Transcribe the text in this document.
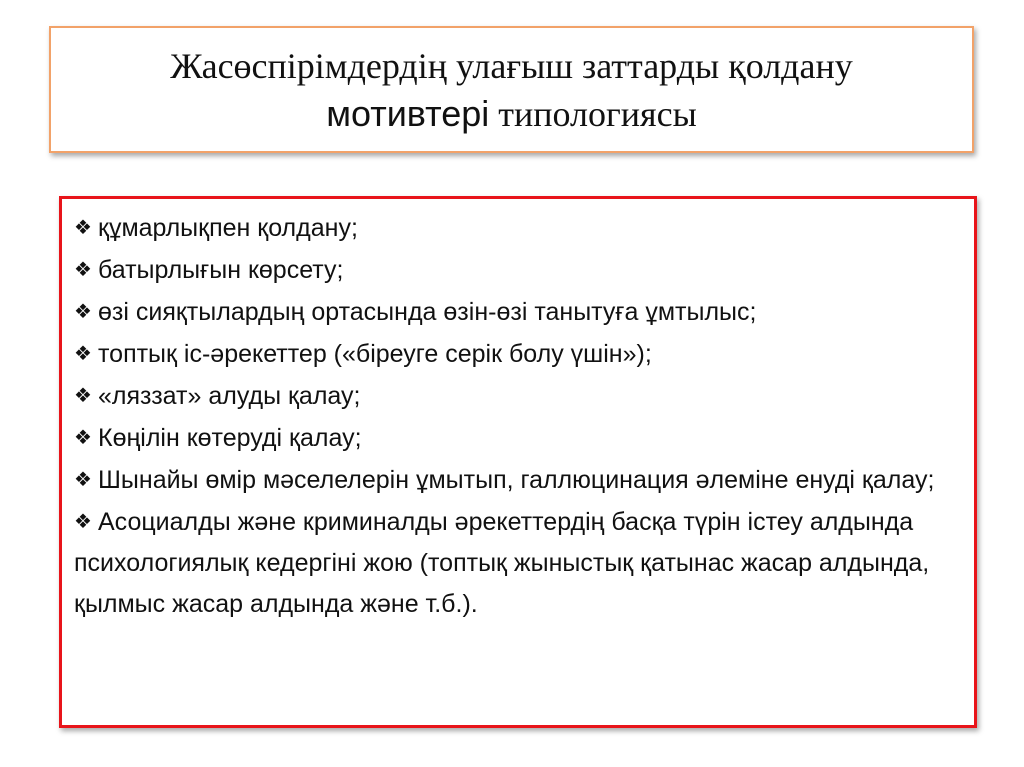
Жасөспірімдердің улағыш заттарды қолдану
мотивтері типологиясы
❖ құмарлықпен қолдану;
❖ батырлығын көрсету;
❖ өзі сияқтылардың ортасында өзін-өзі танытуға ұмтылыс;
❖ топтық іс-әрекеттер («біреуге серік болу үшін»);
❖ «ляззат» алуды қалау;
❖ Көңілін көтеруді қалау;
❖ Шынайы өмір мәселелерін ұмытып, галлюцинация әлеміне енуді қалау;
❖ Асоциалды және криминалды әрекеттердің басқа түрін істеу алдында психологиялық кедергіні жою (топтық жыныстық қатынас жасар алдында, қылмыс жасар алдында және т.б.).
